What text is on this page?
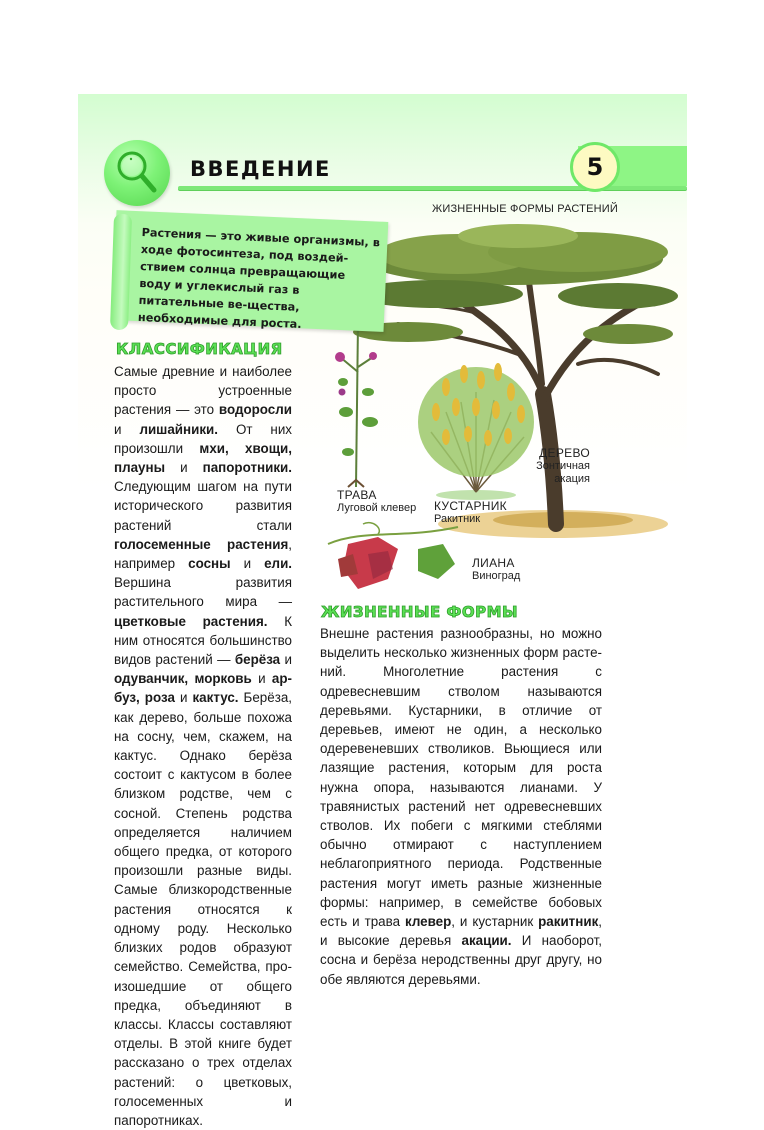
ВВЕДЕНИЕ	5
ЖИЗНЕННЫЕ ФОРМЫ РАСТЕНИЙ
ТРАВА
Луговой клевер КУСТАРНИК
Ракитник
ДЕРЕВО
Зонтичная
акация
ЛИАНА
Виноград
Растения — это живые организмы, в ходе фотосинтеза, под воздей-ствием солнца превращающие воду и углекислый газ в питательные ве-щества, необходимые для роста.
КЛАССИФИКАЦИЯ
Самые древние и наиболее просто устроенные растения — это водоросли и лишайники. От них произошли мхи, хвощи, плауны и папоротники. Следующим шагом на пути исторического развития растений стали голосеменные растения, например сосны и ели. Вершина развития растительного мира — цветковые растения. К ним относятся большинство видов растений — берёза и одуванчик, морковь и арбуз, роза и кактус. Берёза, как дерево, больше похожа на сосну, чем, скажем, на кактус. Однако берёза состоит с кактусом в более близком родстве, чем с сосной. Степень родства определяется наличием общего предка, от которого произошли разные виды. Самые близкородственные растения относятся к одному роду. Несколько близких родов образуют семейство. Семейства, произошедшие от общего предка, объединяют в классы. Классы составляют отделы. В этой книге будет рассказано о трех отделах растений: о цветковых, голосеменных и папоротниках.
ЖИЗНЕННЫЕ ФОРМЫ
Внешне растения разнообразны, но можно выделить несколько жизненных форм растений. Многолетние растения с одревесневшим стволом называются деревьями. Кустарники, в отличие от деревьев, имеют не один, а несколько одеревеневших стволиков. Вьющиеся или лазящие растения, которым для роста нужна опора, называются лианами. У травянистых растений нет одревесневших стволов. Их побеги с мягкими стеблями обычно отмирают с наступлением неблагоприятного периода. Родственные растения могут иметь разные жизненные формы: например, в семействе бобовых есть и трава клевер, и кустарник ракитник, и высокие деревья акации. И наоборот, сосна и берёза неродственны друг другу, но обе являются деревьями.
